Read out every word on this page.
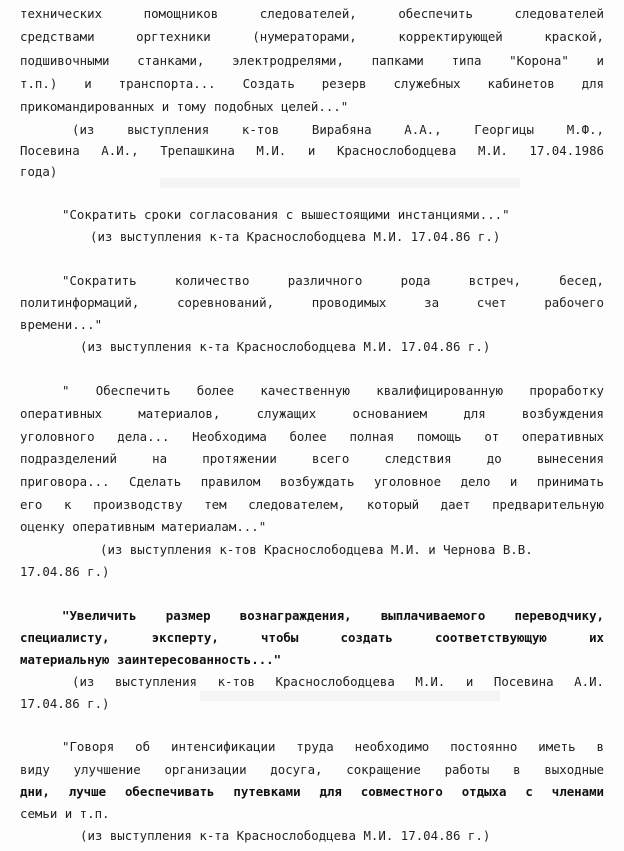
технических помощников следователей, обеспечить следователей
средствами оргтехники (нумераторами, корректирующей краской,
подшивочными станками, электродрелями, папками типа "Корона" и
т.п.) и транспорта... Создать резерв служебных кабинетов для
прикомандированных и тому подобных целей..."
(из выступления к-тов Вирабяна А.А., Георгицы М.Ф.,
Посевина А.И., Трепашкина М.И. и Краснослободцева М.И. 17.04.1986
года)
"Сократить сроки согласования с вышестоящими инстанциями..."
(из выступления к-та Краснослободцева М.И. 17.04.86 г.)
"Сократить количество различного рода встреч, бесед,
политинформаций, соревнований, проводимых за счет рабочего
времени..."
(из выступления к-та Краснослободцева М.И. 17.04.86 г.)
" Обеспечить более качественную квалифицированную проработку
оперативных материалов, служащих основанием для возбуждения
уголовного дела... Необходима более полная помощь от оперативных
подразделений на протяжении всего следствия до вынесения
приговора... Сделать правилом возбуждать уголовное дело и принимать
его к производству тем следователем, который дает предварительную
оценку оперативным материалам..."
(из выступления к-тов Краснослободцева М.И. и Чернова В.В.
17.04.86 г.)
"Увеличить размер вознаграждения, выплачиваемого переводчику,
специалисту, эксперту, чтобы создать соответствующую их
материальную заинтересованность..."
(из выступления к-тов Краснослободцева М.И. и Посевина А.И.
17.04.86 г.)
"Говоря об интенсификации труда необходимо постоянно иметь в
виду улучшение организации досуга, сокращение работы в выходные
дни, лучше обеспечивать путевками для совместного отдыха с членами
семьи и т.п.
(из выступления к-та Краснослободцева М.И. 17.04.86 г.)
